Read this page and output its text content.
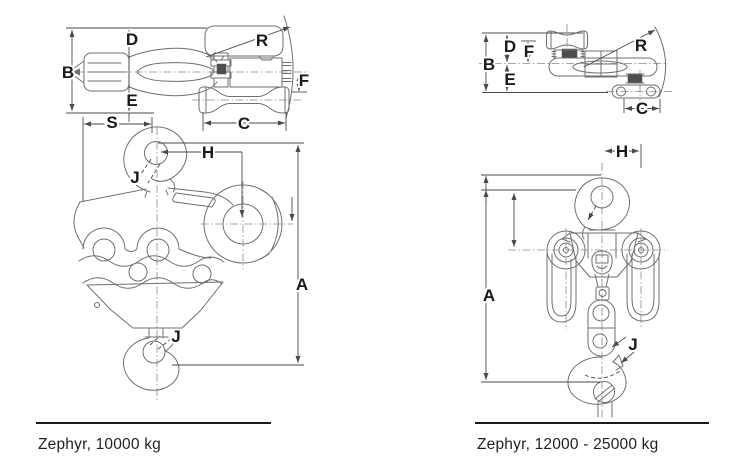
B
D
E
S	C
F
R
H
J
A
J
B
D F
E
R
C
H
A
J
Zephyr, 10000 kg	Zephyr, 12000 - 25000 kg
